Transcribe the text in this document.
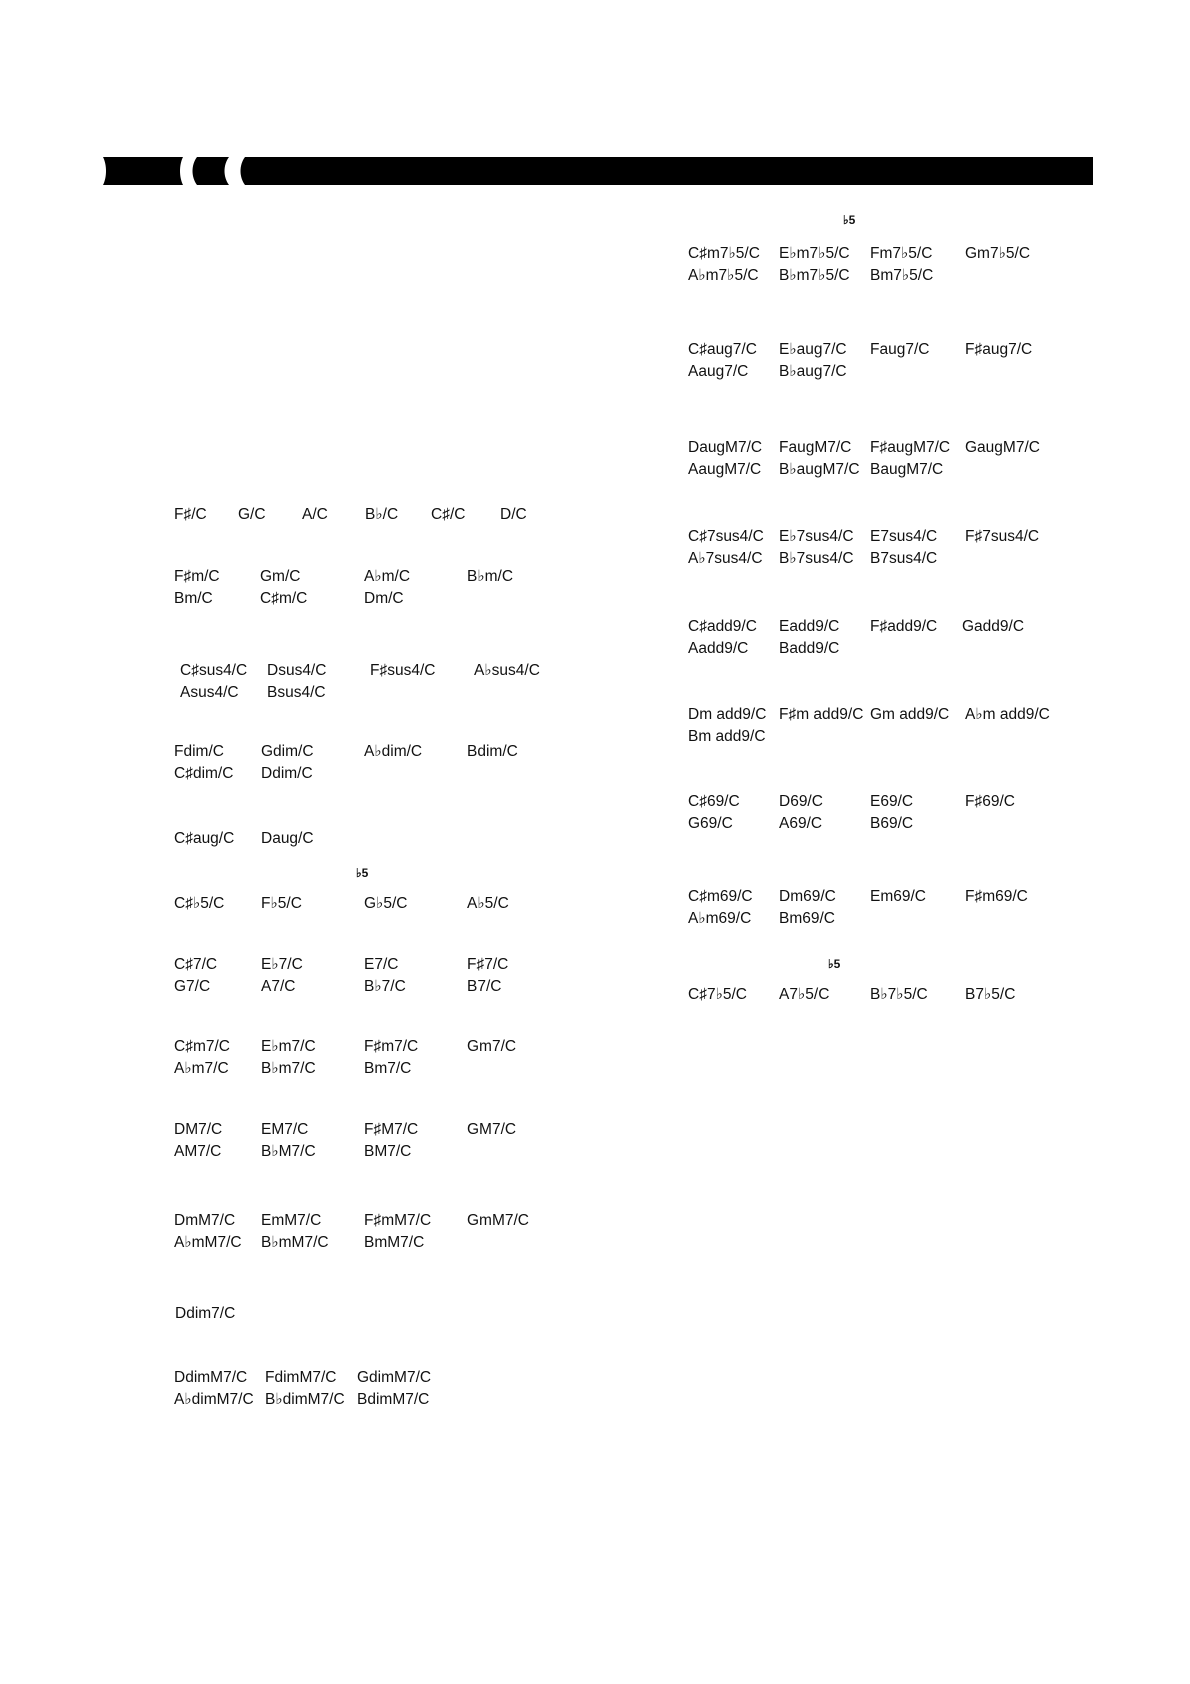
F♯/C G/C A/C B♭/C C♯/C D/C
F♯m/C	Gm/C	A♭m/C	B♭m/C
Bm/C	C♯m/C	Dm/C
C♯sus4/C Dsus4/C	F♯sus4/C A♭sus4/C
Asus4/C Bsus4/C
Fdim/C Gdim/C	A♭dim/C	Bdim/C
C♯dim/C Ddim/C
C♯aug/C Daug/C
♭5
C♯♭5/C F♭5/C	G♭5/C	A♭5/C
C♯7/C	E♭7/C	E7/C	F♯7/C
G7/C	A7/C	B♭7/C	B7/C
C♯m7/C E♭m7/C	F♯m7/C	Gm7/C
A♭m7/C B♭m7/C	Bm7/C
DM7/C	EM7/C	F♯M7/C	GM7/C
AM7/C	B♭M7/C	BM7/C
DmM7/C EmM7/C	F♯mM7/C GmM7/C
A♭mM7/C B♭mM7/C BmM7/C
Ddim7/C
DdimM7/C FdimM7/C GdimM7/C
A♭dimM7/C B♭dimM7/C BdimM7/C
♭5
C♯m7♭5/C E♭m7♭5/C Fm7♭5/C Gm7♭5/C
A♭m7♭5/C B♭m7♭5/C Bm7♭5/C
C♯aug7/C E♭aug7/C Faug7/C F♯aug7/C
Aaug7/C B♭aug7/C
DaugM7/C FaugM7/C F♯augM7/C GaugM7/C
AaugM7/C B♭augM7/C BaugM7/C
C♯7sus4/C E♭7sus4/C E7sus4/C F♯7sus4/C
A♭7sus4/C B♭7sus4/C B7sus4/C
C♯add9/C Eadd9/C F♯add9/C Gadd9/C
Aadd9/C Badd9/C
Dm add9/C F♯m add9/C Gm add9/C A♭m add9/C
Bm add9/C
C♯69/C	D69/C	E69/C	F♯69/C
G69/C	A69/C	B69/C
C♯m69/C Dm69/C Em69/C	F♯m69/C
A♭m69/C Bm69/C
♭5
C♯7♭5/C A7♭5/C	B♭7♭5/C B7♭5/C
